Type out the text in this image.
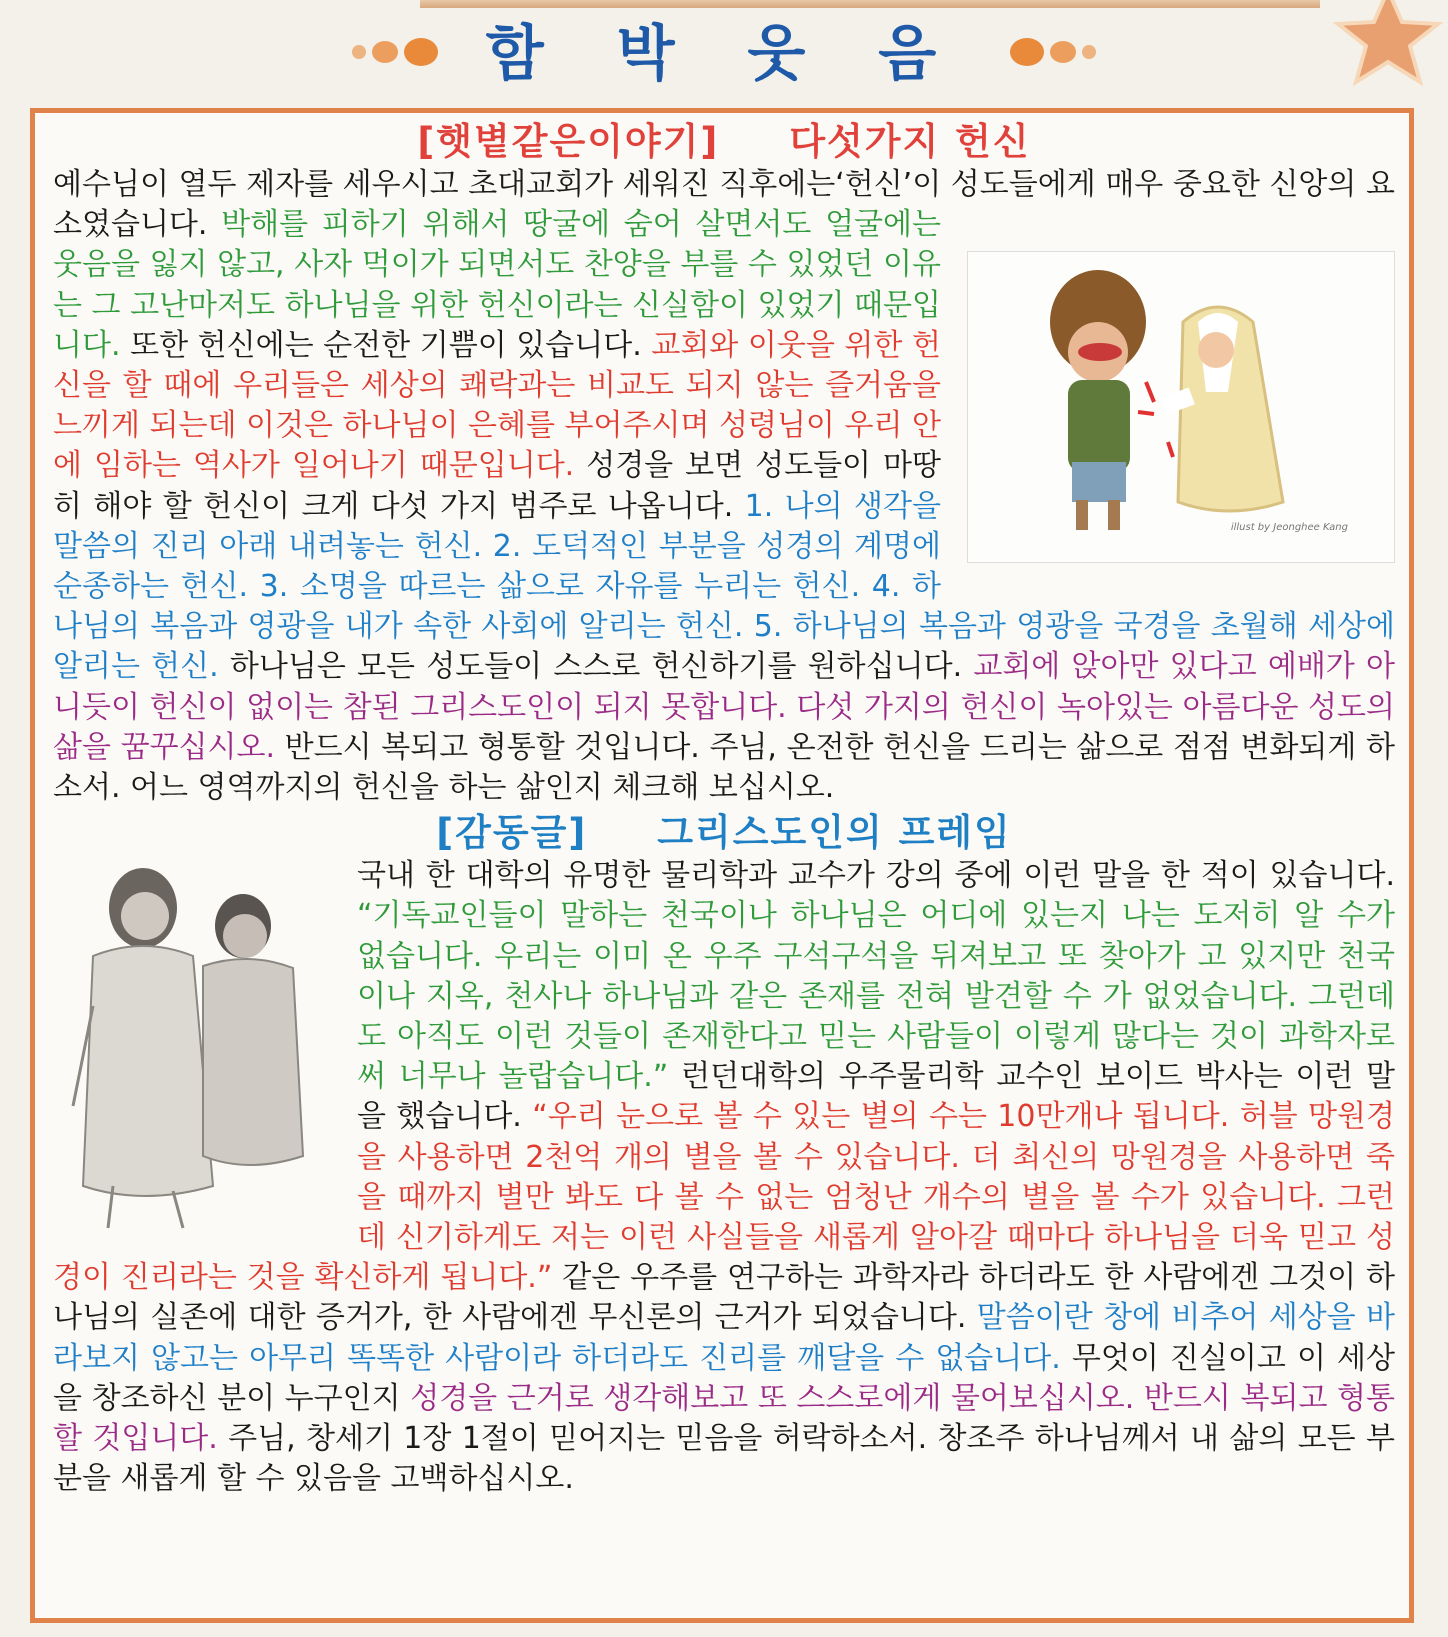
함 박 웃 음
[햇볕같은이야기] 다섯가지 헌신

예수님이 열두 제자를 세우시고 초대교회가 세워진 직후에는‘헌신’이 성도들에게 매우 중요한 신앙의 요소였습니다.
illust by Jeonghee Kang
박해를 피하기 위해서 땅굴에 숨어 살면서도 얼굴에는 웃음을 잃지 않고, 사자 먹이가 되면서도 찬양을 부를 수 있었던 이유는 그 고난마저도 하나님을 위한 헌신이라는 신실함이 있었기 때문입니다. 또한 헌신에는 순전한 기쁨이 있습니다. 교회와 이웃을 위한 헌신을 할 때에 우리들은 세상의 쾌락과는 비교도 되지 않는 즐거움을 느끼게 되는데 이것은 하나님이 은혜를 부어주시며 성령님이 우리 안에 임하는 역사가 일어나기 때문입니다. 성경을 보면 성도들이 마땅히 해야 할 헌신이 크게 다섯 가지 범주로 나옵니다. 1. 나의 생각을 말씀의 진리 아래 내려놓는 헌신. 2. 도덕적인 부분을 성경의 계명에 순종하는 헌신. 3. 소명을 따르는 삶으로 자유를 누리는 헌신. 4. 하나님의 복음과 영광을 내가 속한 사회에 알리는 헌신. 5. 하나님의 복음과 영광을 국경을 초월해 세상에 알리는 헌신. 하나님은 모든 성도들이 스스로 헌신하기를 원하십니다. 교회에 앉아만 있다고 예배가 아니듯이 헌신이 없이는 참된 그리스도인이 되지 못합니다. 다섯 가지의 헌신이 녹아있는 아름다운 성도의 삶을 꿈꾸십시오. 반드시 복되고 형통할 것입니다. 주님, 온전한 헌신을 드리는 삶으로 점점 변화되게 하소서. 어느 영역까지의 헌신을 하는 삶인지 체크해 보십시오.

[감동글] 그리스도인의 프레임

국내 한 대학의 유명한 물리학과 교수가 강의 중에 이런 말을 한 적이 있습니다.
“기독교인들이 말하는 천국이나 하나님은 어디에 있는지 나는 도저히 알 수가 없습니다. 우리는 이미 온 우주 구석구석을 뒤져보고 또 찾아가 고 있지만 천국이나 지옥, 천사나 하나님과 같은 존재를 전혀 발견할 수 가 없었습니다. 그런데도 아직도 이런 것들이 존재한다고 믿는 사람들이 이렇게 많다는 것이 과학자로써 너무나 놀랍습니다.” 런던대학의 우주물리학 교수인 보이드 박사는 이런 말을 했습니다. “우리 눈으로 볼 수 있는 별의 수는 10만개나 됩니다. 허블 망원경을 사용하면 2천억 개의 별을 볼 수 있습니다. 더 최신의 망원경을 사용하면 죽을 때까지 별만 봐도 다 볼 수 없는 엄청난 개수의 별을 볼 수가 있습니다. 그런데 신기하게도 저는 이런 사실들을 새롭게 알아갈 때마다 하나님을 더욱 믿고 성경이 진리라는 것을 확신하게 됩니다.” 같은 우주를 연구하는 과학자라 하더라도 한 사람에겐 그것이 하나님의 실존에 대한 증거가, 한 사람에겐 무신론의 근거가 되었습니다. 말씀이란 창에 비추어 세상을 바라보지 않고는 아무리 똑똑한 사람이라 하더라도 진리를 깨달을 수 없습니다. 무엇이 진실이고 이 세상을 창조하신 분이 누구인지 성경을 근거로 생각해보고 또 스스로에게 물어보십시오. 반드시 복되고 형통할 것입니다. 주님, 창세기 1장 1절이 믿어지는 믿음을 허락하소서. 창조주 하나님께서 내 삶의 모든 부분을 새롭게 할 수 있음을 고백하십시오.
